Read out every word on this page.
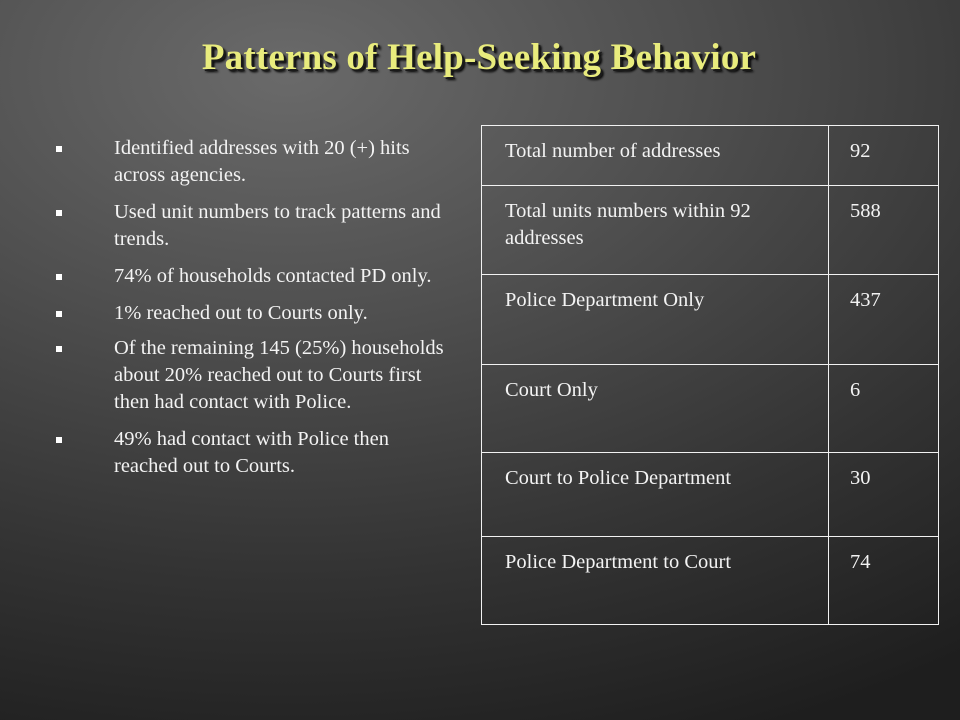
Patterns of Help-Seeking Behavior
Identified addresses with 20 (+) hits across agencies.
Used unit numbers to track patterns and trends.
74% of households contacted PD only.
1% reached out to Courts only.
Of the remaining 145 (25%) households about 20% reached out to Courts first then had contact with Police.
49% had contact with Police then reached out to Courts.
Total number of addresses	92
Total units numbers within 92 addresses	588
Police Department Only	437
Court Only	6
Court to Police Department	30
Police Department to Court	74
